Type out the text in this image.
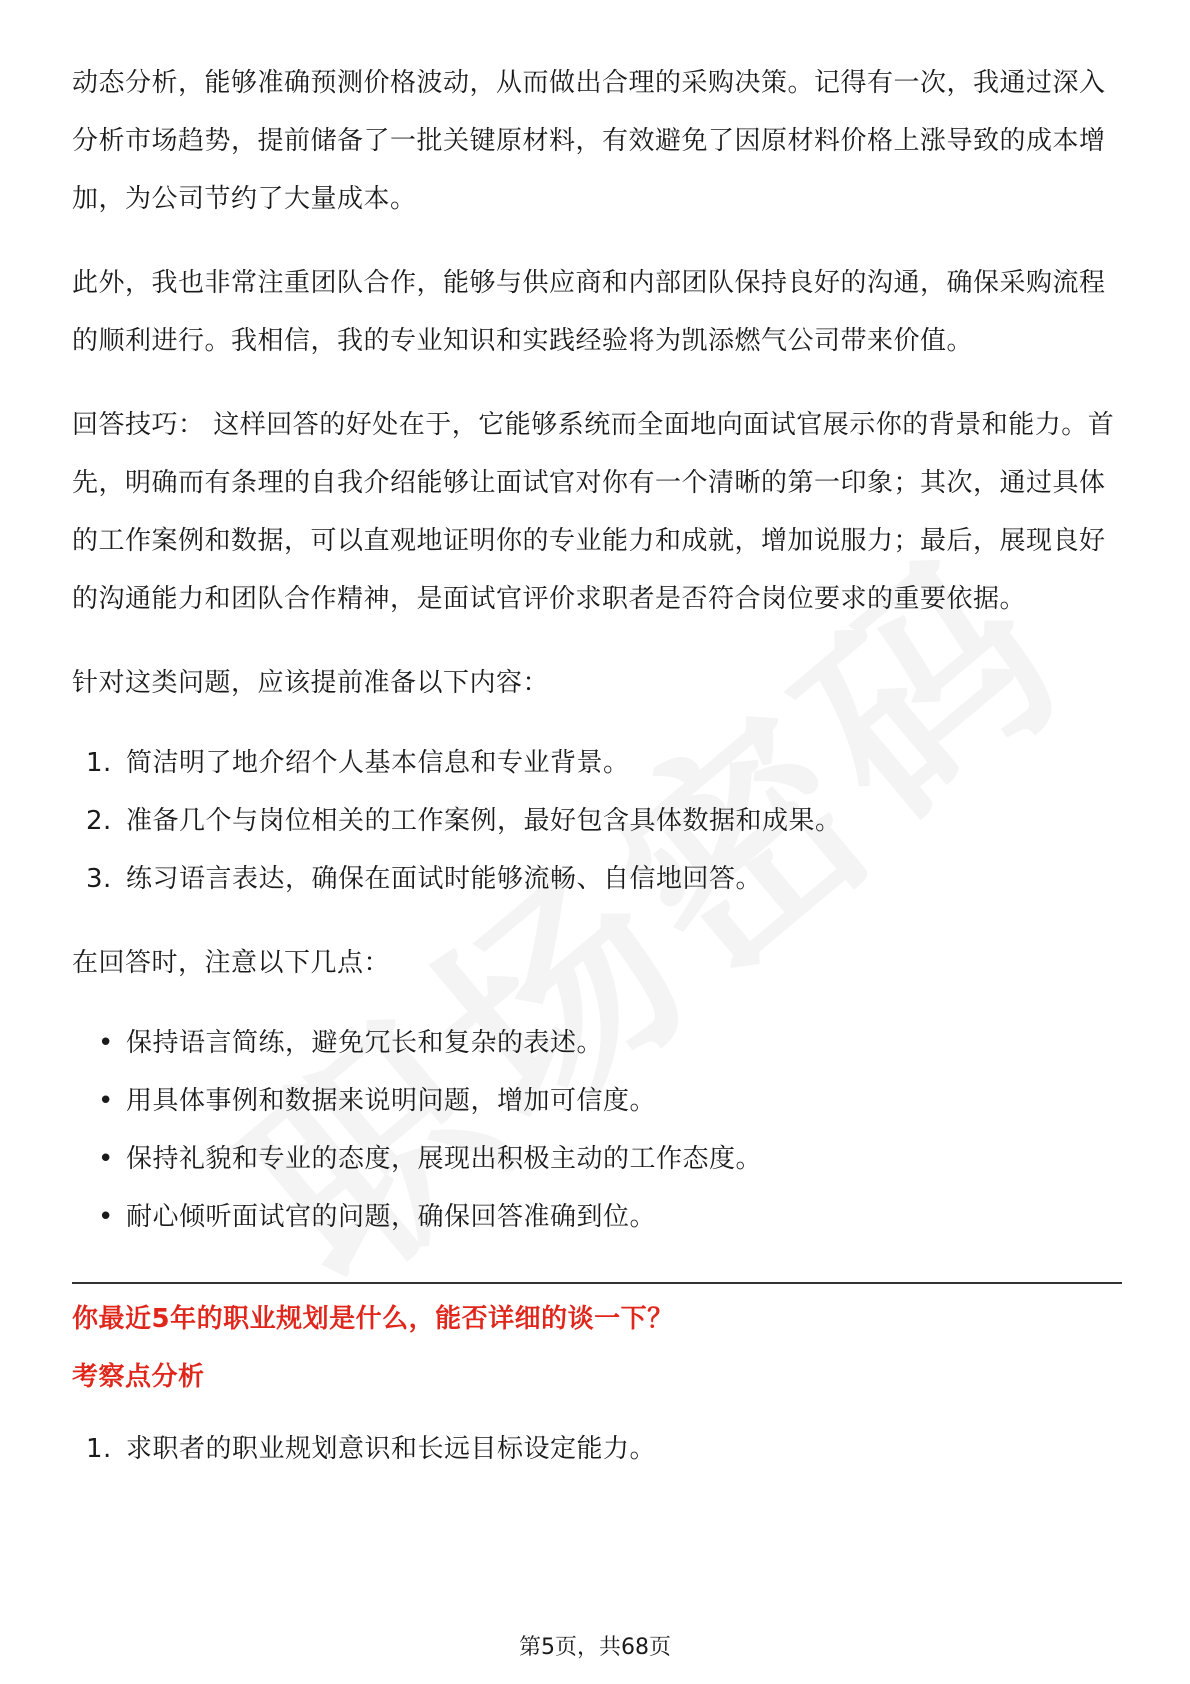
动态分析，能够准确预测价格波动，从而做出合理的采购决策。记得有一次，我通过深入分析市场趋势，提前储备了一批关键原材料，有效避免了因原材料价格上涨导致的成本增加，为公司节约了大量成本。

此外，我也非常注重团队合作，能够与供应商和内部团队保持良好的沟通，确保采购流程的顺利进行。我相信，我的专业知识和实践经验将为凯添燃气公司带来价值。

回答技巧： 这样回答的好处在于，它能够系统而全面地向面试官展示你的背景和能力。首先，明确而有条理的自我介绍能够让面试官对你有一个清晰的第一印象；其次，通过具体的工作案例和数据，可以直观地证明你的专业能力和成就，增加说服力；最后，展现良好的沟通能力和团队合作精神，是面试官评价求职者是否符合岗位要求的重要依据。

针对这类问题，应该提前准备以下内容：

1. 简洁明了地介绍个人基本信息和专业背景。
2. 准备几个与岗位相关的工作案例，最好包含具体数据和成果。
3. 练习语言表达，确保在面试时能够流畅、自信地回答。

在回答时，注意以下几点：

• 保持语言简练，避免冗长和复杂的表述。
• 用具体事例和数据来说明问题，增加可信度。
• 保持礼貌和专业的态度，展现出积极主动的工作态度。
• 耐心倾听面试官的问题，确保回答准确到位。

你最近5年的职业规划是什么，能否详细的谈一下？

考察点分析

1. 求职者的职业规划意识和长远目标设定能力。
第5页，共68页
